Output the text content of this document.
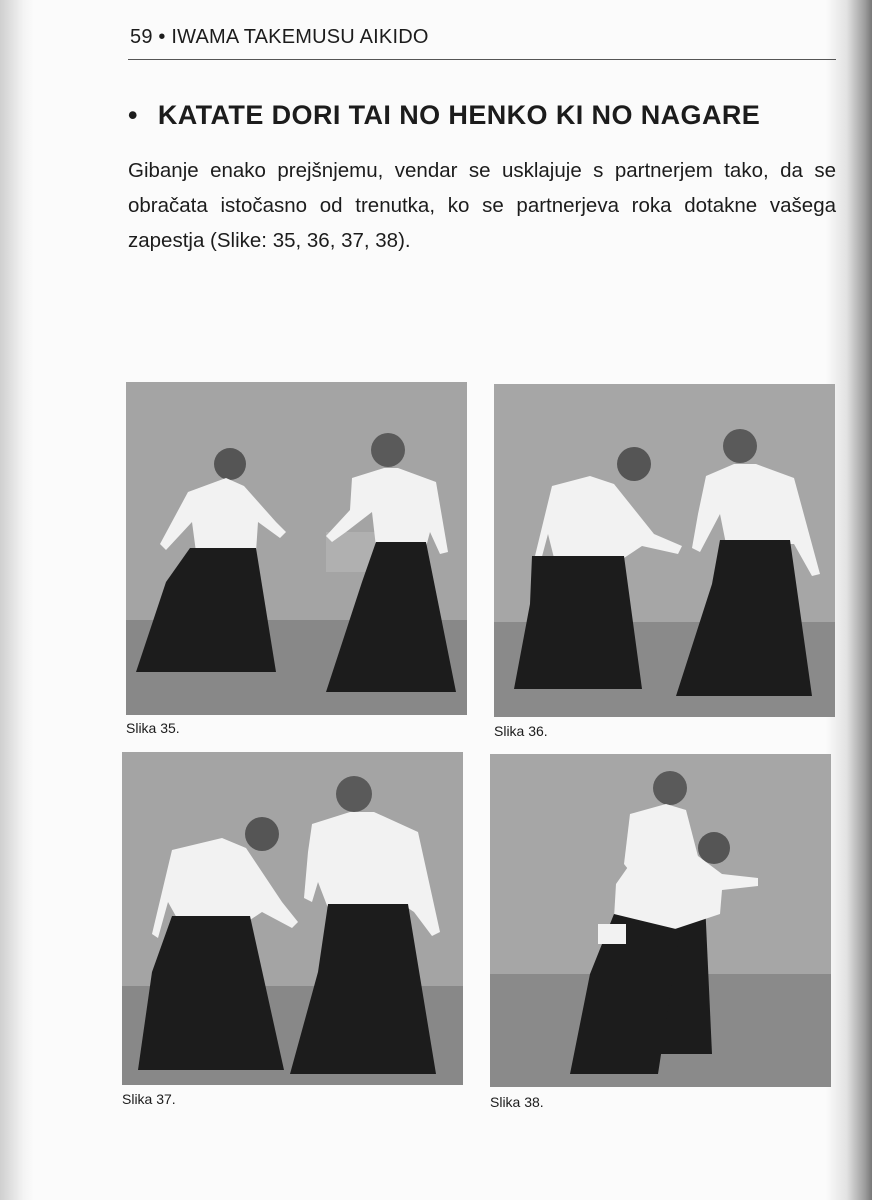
59 • IWAMA TAKEMUSU AIKIDO
• KATATE DORI TAI NO HENKO KI NO NAGARE
Gibanje enako prejšnjemu, vendar se usklajuje s partnerjem tako, da se obračata istočasno od trenutka, ko se partnerjeva roka dotakne vašega zapestja (Slike: 35, 36, 37, 38).
Slika 35.	Slika 36.
Slika 37.	Slika 38.
